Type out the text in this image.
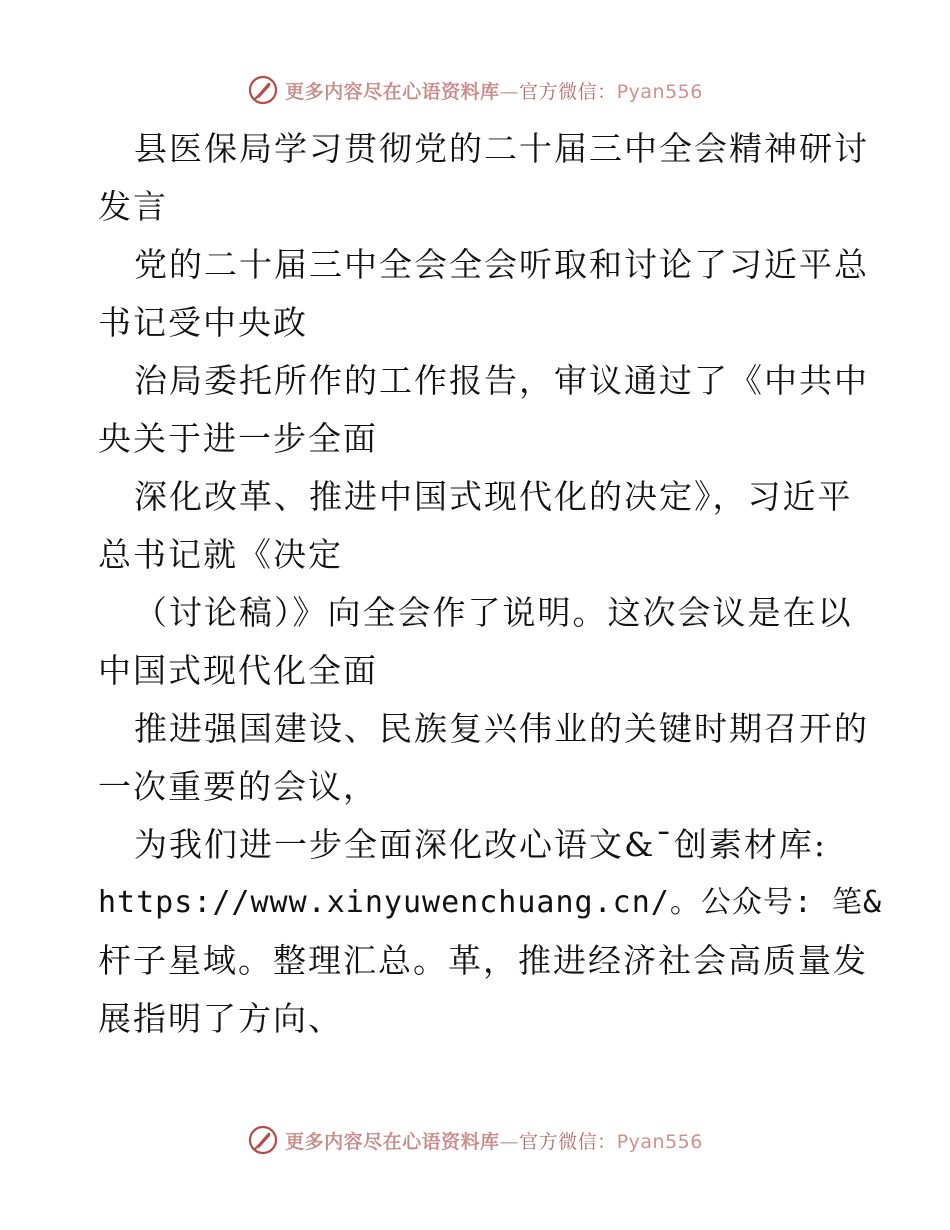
更多内容尽在心语资料库—官方微信：Pyan556
县医保局学习贯彻党的二十届三中全会精神研讨
发言
党的二十届三中全会全会听取和讨论了习近平总
书记受中央政
治局委托所作的工作报告，审议通过了《中共中
央关于进一步全面
深化改革、推进中国式现代化的决定》，习近平
总书记就《决定
（讨论稿）》向全会作了说明。这次会议是在以
中国式现代化全面
推进强国建设、民族复兴伟业的关键时期召开的
一次重要的会议，
为我们进一步全面深化改心语文&¯创素材库:
https://www.xinyuwenchuang.cn/。公众号: 笔&
杆子星域。整理汇总。革，推进经济社会高质量发
展指明了方向、
更多内容尽在心语资料库—官方微信：Pyan556
